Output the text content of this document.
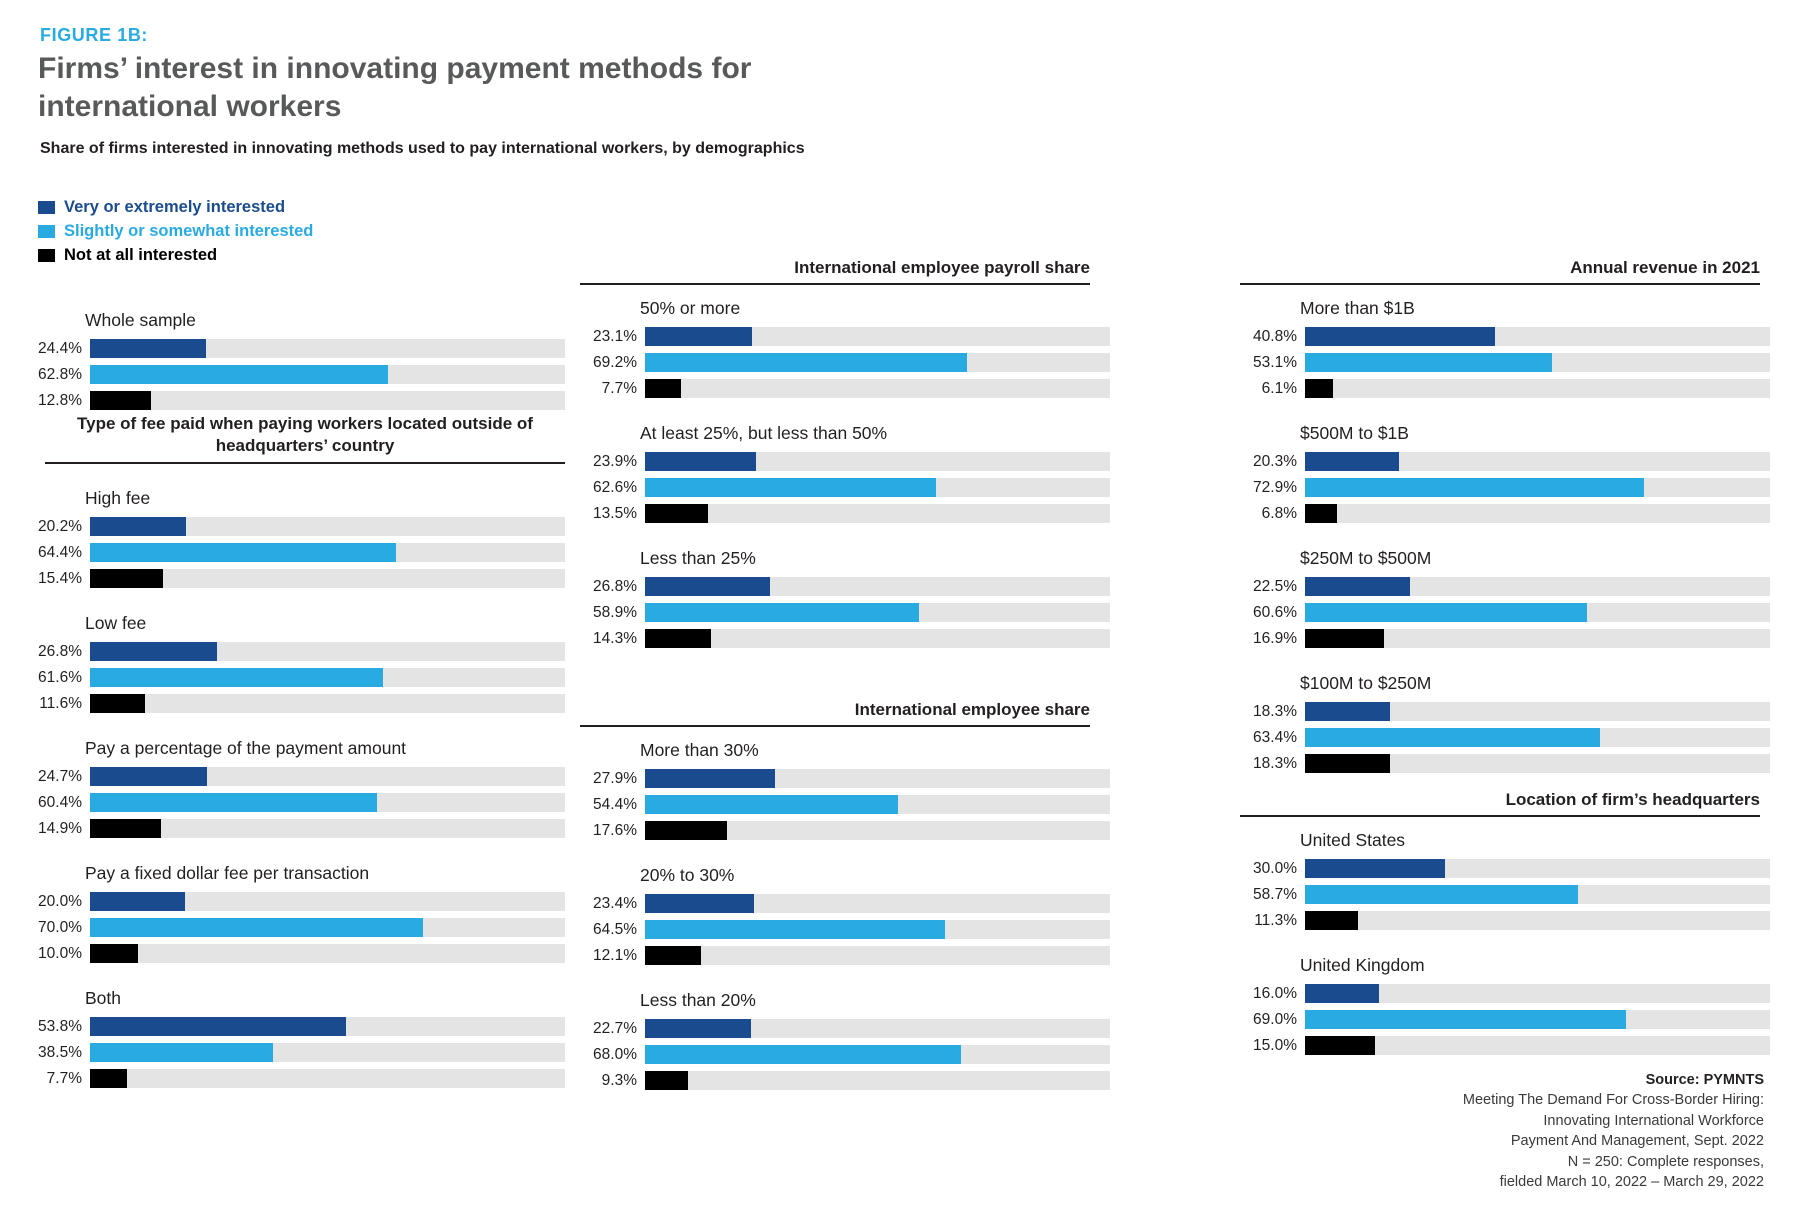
FIGURE 1B:
Firms’ interest in innovating payment methods for international workers
Share of firms interested in innovating methods used to pay international workers, by demographics
Very or extremely interested
Slightly or somewhat interested
Not at all interested
Whole sample
24.4%
62.8%
12.8%
Type of fee paid when paying workers located outside of headquarters’ country
High fee
20.2%
64.4%
15.4%
Low fee
26.8%
61.6%
11.6%
Pay a percentage of the payment amount
24.7%
60.4%
14.9%
Pay a fixed dollar fee per transaction
20.0%
70.0%
10.0%
Both
53.8%
38.5%
7.7%
International employee payroll share
50% or more
23.1%
69.2%
7.7%
At least 25%, but less than 50%
23.9%
62.6%
13.5%
Less than 25%
26.8%
58.9%
14.3%
International employee share
More than 30%
27.9%
54.4%
17.6%
20% to 30%
23.4%
64.5%
12.1%
Less than 20%
22.7%
68.0%
9.3%
Annual revenue in 2021
More than $1B
40.8%
53.1%
6.1%
$500M to $1B
20.3%
72.9%
6.8%
$250M to $500M
22.5%
60.6%
16.9%
$100M to $250M
18.3%
63.4%
18.3%
Location of firm’s headquarters
United States
30.0%
58.7%
11.3%
United Kingdom
16.0%
69.0%
15.0%
Source: PYMNTS
Meeting The Demand For Cross-Border Hiring:
Innovating International Workforce
Payment And Management, Sept. 2022
N = 250: Complete responses,
fielded March 10, 2022 – March 29, 2022
